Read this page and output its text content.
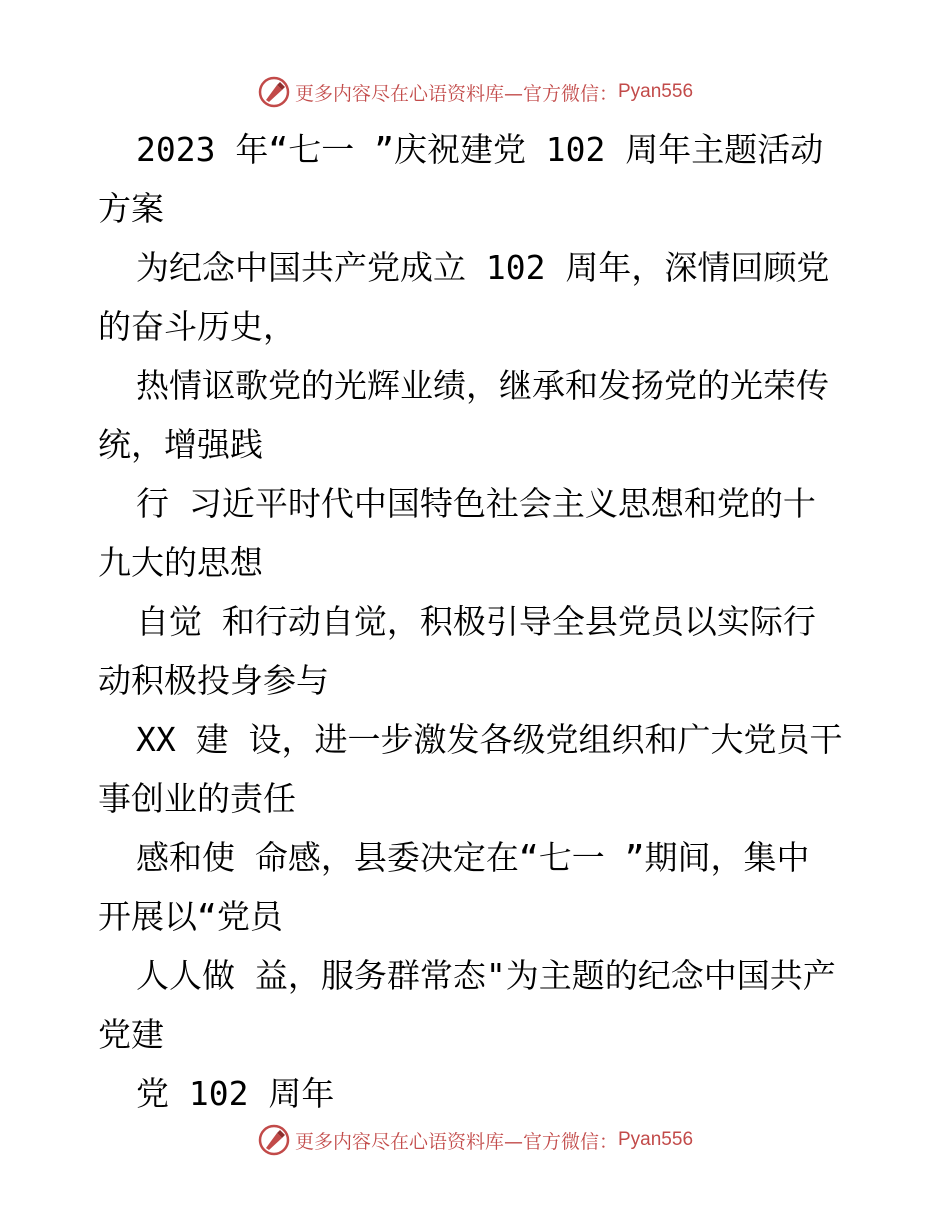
更多内容尽在心语资料库 —官方微信： Pyan556
2023 年“七一 ”庆祝建党 102 周年主题活动
方案
为纪念中国共产党成立 102 周年，深情回顾党
的奋斗历史，
热情讴歌党的光辉业绩，继承和发扬党的光荣传
统，增强践
行 习近平时代中国特色社会主义思想和党的十
九大的思想
自觉 和行动自觉，积极引导全县党员以实际行
动积极投身参与
XX 建 设，进一步激发各级党组织和广大党员干
事创业的责任
感和使 命感，县委决定在“七一 ”期间，集中
开展以“党员
人人做 益，服务群常态"为主题的纪念中国共产
党建
党 102 周年
更多内容尽在心语资料库 —官方微信： Pyan556
